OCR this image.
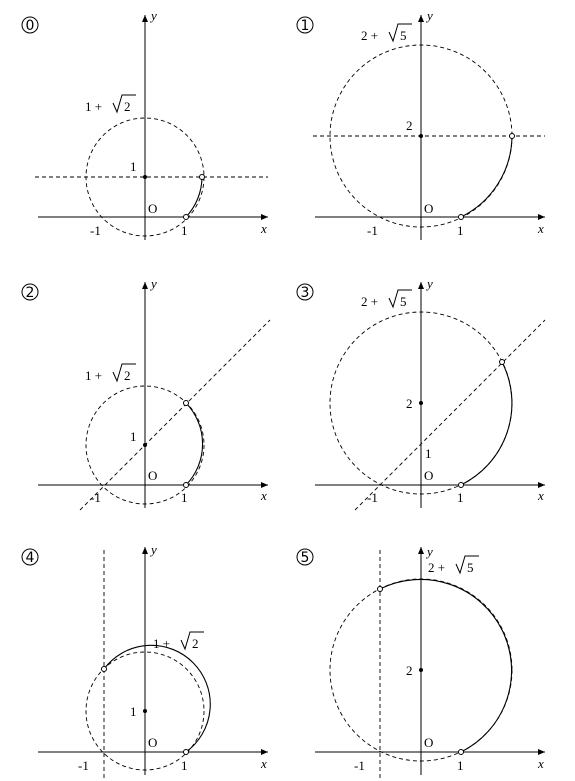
0
x
y
O
-1	1
1
1 + 2
1
x
y
O
-1	1
2
2 + 5
2
x
y
O
-1	1
1
1 + 2
3
x
y
O
-1	1
2
1
2 + 5
4
x
y
O
-1	1
1
1 + 2
5
x
y
O
-1	1
2
2 + 5
